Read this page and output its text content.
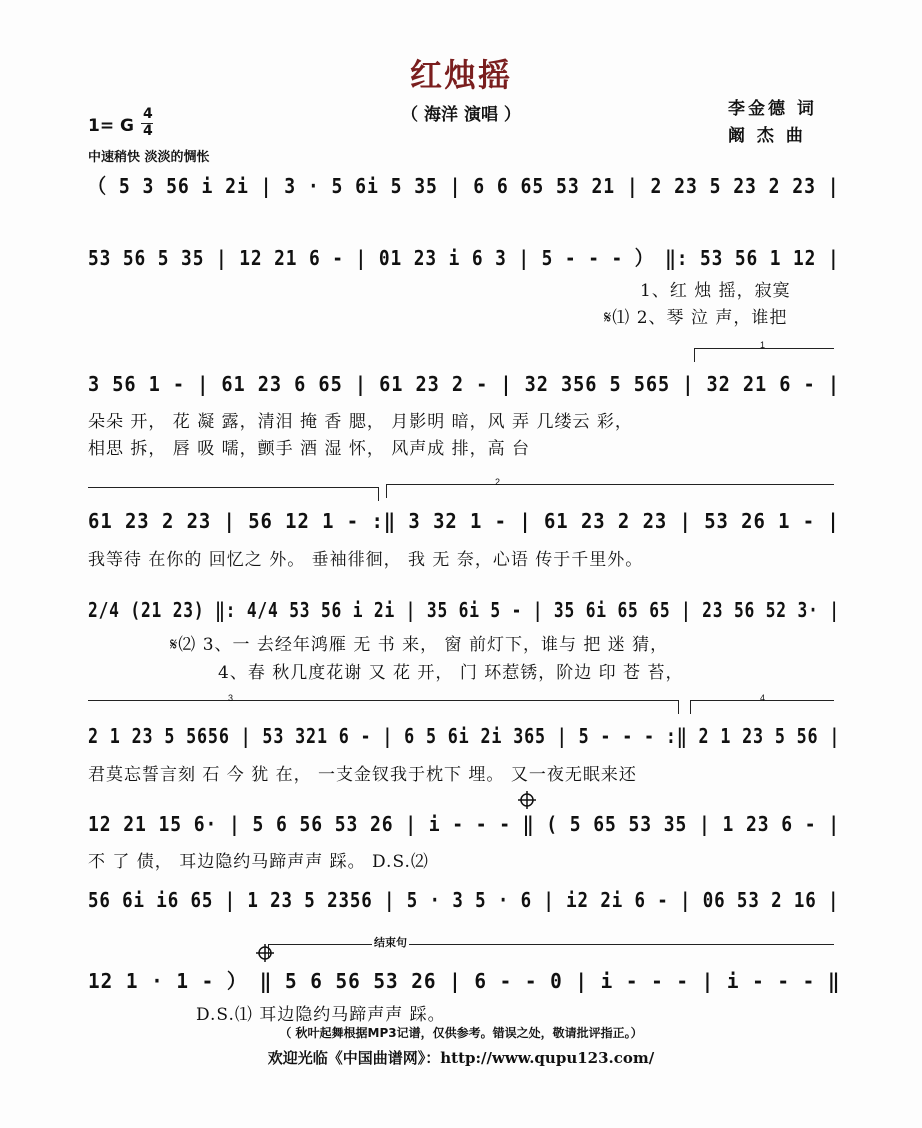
红烛摇
（ 海洋 演唱 ）	李金德 词
阚 杰 曲
1= G
4
4
中速稍快 淡淡的惆怅
（ 5 3 56 i 2i | 3 · 5 6i 5 35 | 6 6 65 53 21 | 2 23 5 23 2 23 |
53 56 5 35 | 12 21 6 - | 01 23 i 6 3 | 5 - - - ） ‖: 53 56 1 12 |
3 56 1 - | 61 23 6 65 | 61 23 2 - | 32 356 5 565 | 32 21 6 - |
61 23 2 23 | 56 12 1 - :‖ 3 32 1 - | 61 23 2 23 | 53 26 1 - |
2/4 (21 23) ‖: 4/4 53 56 i 2i | 35 6i 5 - | 35 6i 65 65 | 23 56 52 3· |
2 1 23 5 5656 | 53 321 6 - | 6 5 6i 2i 365 | 5 - - - :‖ 2 1 23 5 56 |
12 21 15 6· | 5 6 56 53 26 | i - - - ‖ ( 5 65 53 35 | 1 23 6 - |
56 6i i6 65 | 1 23 5 2356 | 5 · 3 5 · 6 | i2 2i 6 - | 06 53 2 16 |
12 1 · 1 - ） ‖ 5 6 56 53 26 | 6 - - 0 | i - - - | i - - - ‖
1、红 烛 摇，寂寞
𝄋⑴ 2、琴 泣 声，谁把
朵朵 开， 花 凝 露，清泪 掩 香 腮， 月影明 暗，风 弄 几缕云 彩，
相思 拆， 唇 吸 嚅，颤手 酒 湿 怀， 风声成 排，高 台
我等待 在你的 回忆之 外。 垂袖徘徊， 我 无 奈，心语 传于千里外。
𝄋⑵ 3、一 去经年鸿雁 无 书 来， 窗 前灯下，谁与 把 迷 猜，
4、春 秋几度花谢 又 花 开， 门 环惹锈，阶边 印 苍 苔，
君莫忘誓言刻 石 今 犹 在， 一支金钗我于枕下 埋。 又一夜无眠来还
不 了 债， 耳边隐约马蹄声声 踩。 D.S.⑵
D.S.⑴ 耳边隐约马蹄声声 踩。
1
2
3	4
结束句
（ 秋叶起舞根据MP3记谱，仅供参考。错误之处，敬请批评指正。）
欢迎光临《中国曲谱网》：http://www.qupu123.com/
